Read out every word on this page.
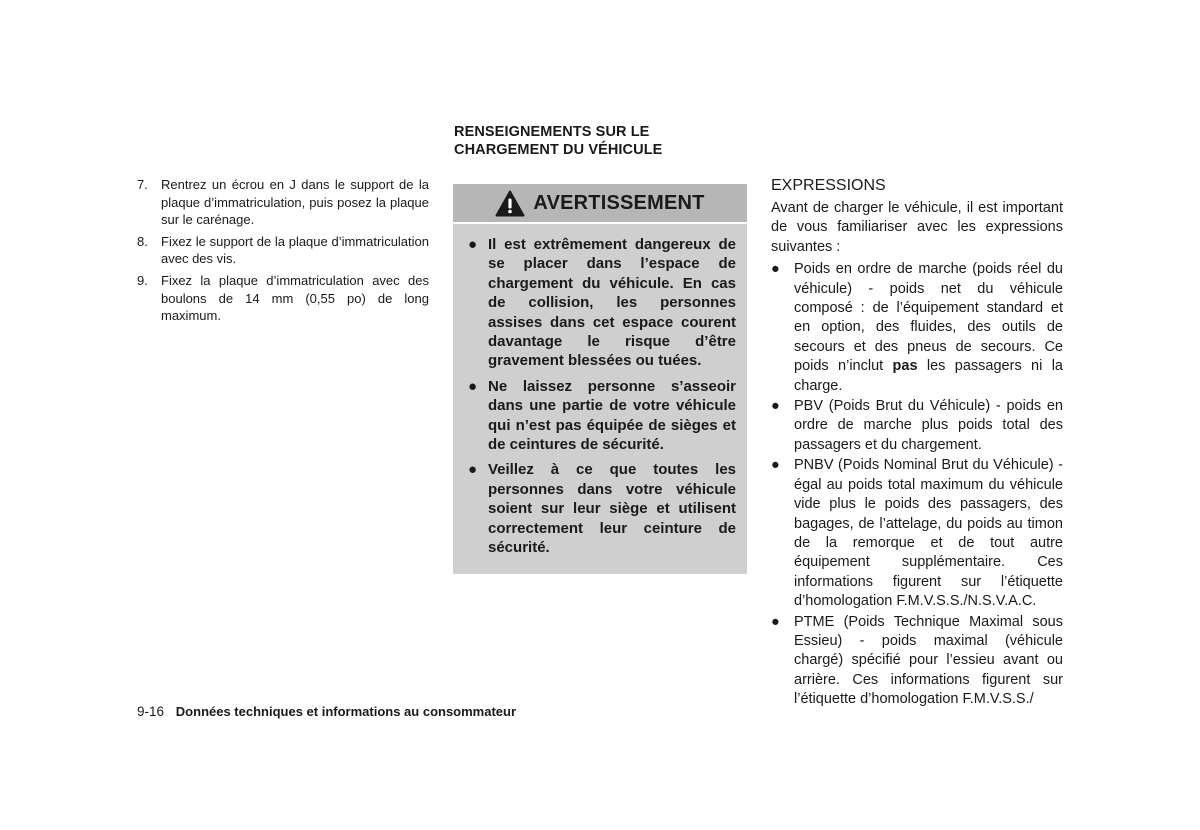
7. Rentrez un écrou en J dans le support de la plaque d’immatriculation, puis posez la plaque sur le carénage.
8. Fixez le support de la plaque d’immatriculation avec des vis.
9. Fixez la plaque d’immatriculation avec des boulons de 14 mm (0,55 po) de long maximum.
RENSEIGNEMENTS SUR LE
CHARGEMENT DU VÉHICULE
AVERTISSEMENT
● Il est extrêmement dangereux de se placer dans l’espace de chargement du véhicule. En cas de collision, les personnes assises dans cet espace courent davantage le risque d’être gravement blessées ou tuées.
● Ne laissez personne s’asseoir dans une partie de votre véhicule qui n’est pas équipée de sièges et de ceintures de sécurité.
● Veillez à ce que toutes les personnes dans votre véhicule soient sur leur siège et utilisent correctement leur ceinture de sécurité.
EXPRESSIONS

Avant de charger le véhicule, il est important de vous familiariser avec les expressions suivantes :

● Poids en ordre de marche (poids réel du véhicule) - poids net du véhicule composé : de l’équipement standard et en option, des fluides, des outils de secours et des pneus de secours. Ce poids n’inclut pas les passagers ni la charge.
● PBV (Poids Brut du Véhicule) - poids en ordre de marche plus poids total des passagers et du chargement.
● PNBV (Poids Nominal Brut du Véhicule) - égal au poids total maximum du véhicule vide plus le poids des passagers, des bagages, de l’attelage, du poids au timon de la remorque et de tout autre équipement supplémentaire. Ces informations figurent sur l’étiquette d’homologation F.M.V.S.S./N.S.V.A.C.
● PTME (Poids Technique Maximal sous Essieu) - poids maximal (véhicule chargé) spécifié pour l’essieu avant ou arrière. Ces informations figurent sur l’étiquette d’homologation F.M.V.S.S./
9-16 Données techniques et informations au consommateur
